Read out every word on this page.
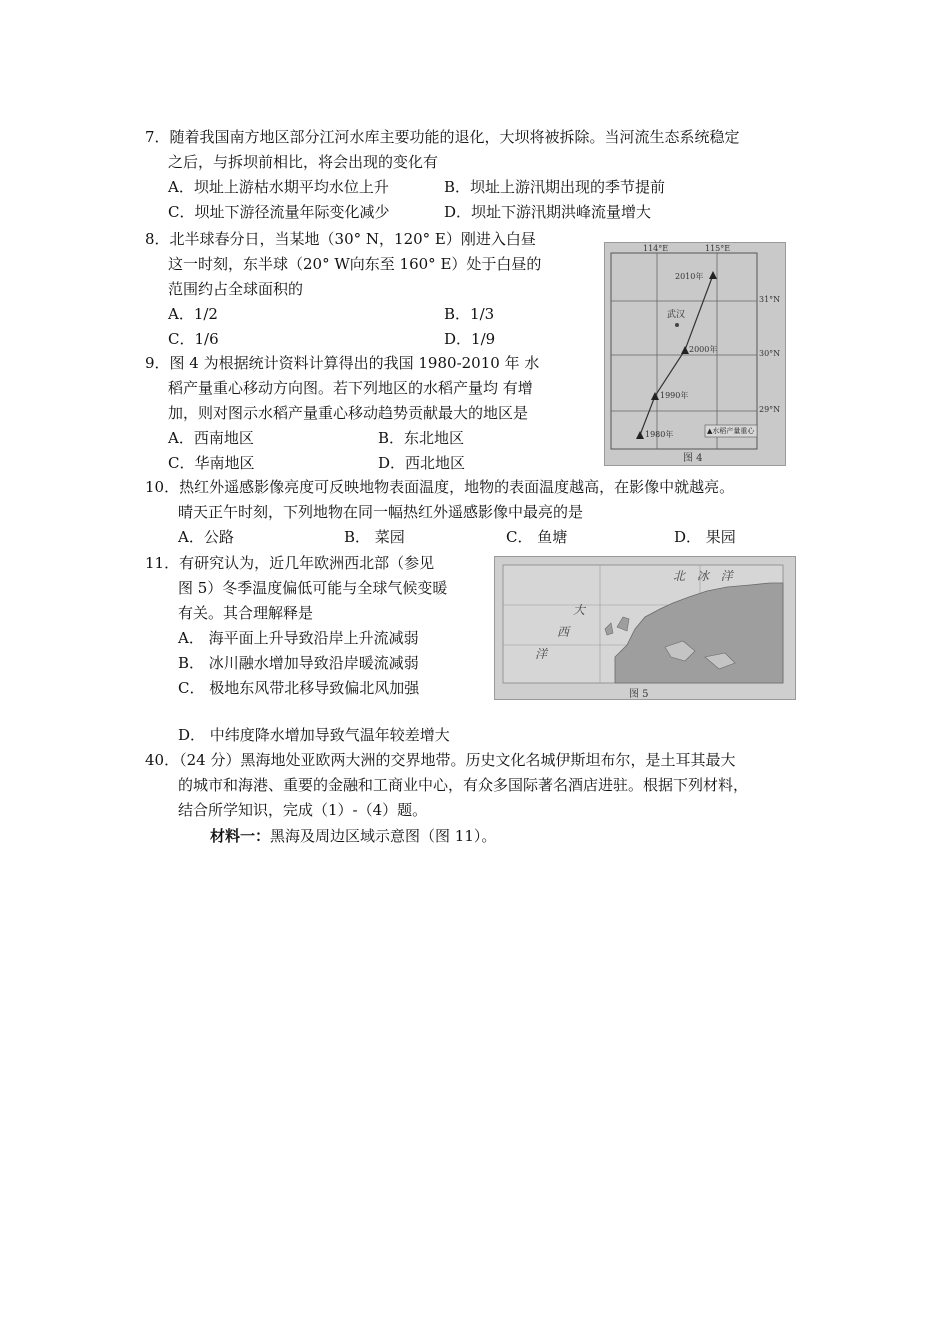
7．随着我国南方地区部分江河水库主要功能的退化，大坝将被拆除。当河流生态系统稳定
之后，与拆坝前相比，将会出现的变化有
A．坝址上游枯水期平均水位上升	B．坝址上游汛期出现的季节提前
C．坝址下游径流量年际变化减少	D．坝址下游汛期洪峰流量增大
8．北半球春分日，当某地（30° N，120° E）刚进入白昼
这一时刻，东半球（20° W向东至 160° E）处于白昼的
范围约占全球面积的
A．1/2	B．1/3
C．1/6	D．1/9
9．图 4 为根据统计资料计算得出的我国 1980-2010 年 水
稻产量重心移动方向图。若下列地区的水稻产量均 有增
加，则对图示水稻产量重心移动趋势贡献最大的地区是
A．西南地区	B．东北地区
C．华南地区	D．西北地区
114°E	115°E
31°N
30°N
29°N
武汉
2010年
2000年
1990年
1980年	▲水稻产量重心
图 4
10．热红外遥感影像亮度可反映地物表面温度，地物的表面温度越高，在影像中就越亮。
晴天正午时刻，下列地物在同一幅热红外遥感影像中最亮的是
A．公路	B． 菜园	C． 鱼塘	D． 果园
11．有研究认为，近几年欧洲西北部（参见
图 5）冬季温度偏低可能与全球气候变暖
有关。其合理解释是
A． 海平面上升导致沿岸上升流减弱
B． 冰川融水增加导致沿岸暖流减弱
C． 极地东风带北移导致偏北风加强
D． 中纬度降水增加导致气温年较差增大
北 冰 洋
大
西
洋
图 5
40．（24 分）黑海地处亚欧两大洲的交界地带。历史文化名城伊斯坦布尔，是土耳其最大
的城市和海港、重要的金融和工商业中心，有众多国际著名酒店进驻。根据下列材料，
结合所学知识，完成（1）-（4）题。
材料一：黑海及周边区域示意图（图 11）。
